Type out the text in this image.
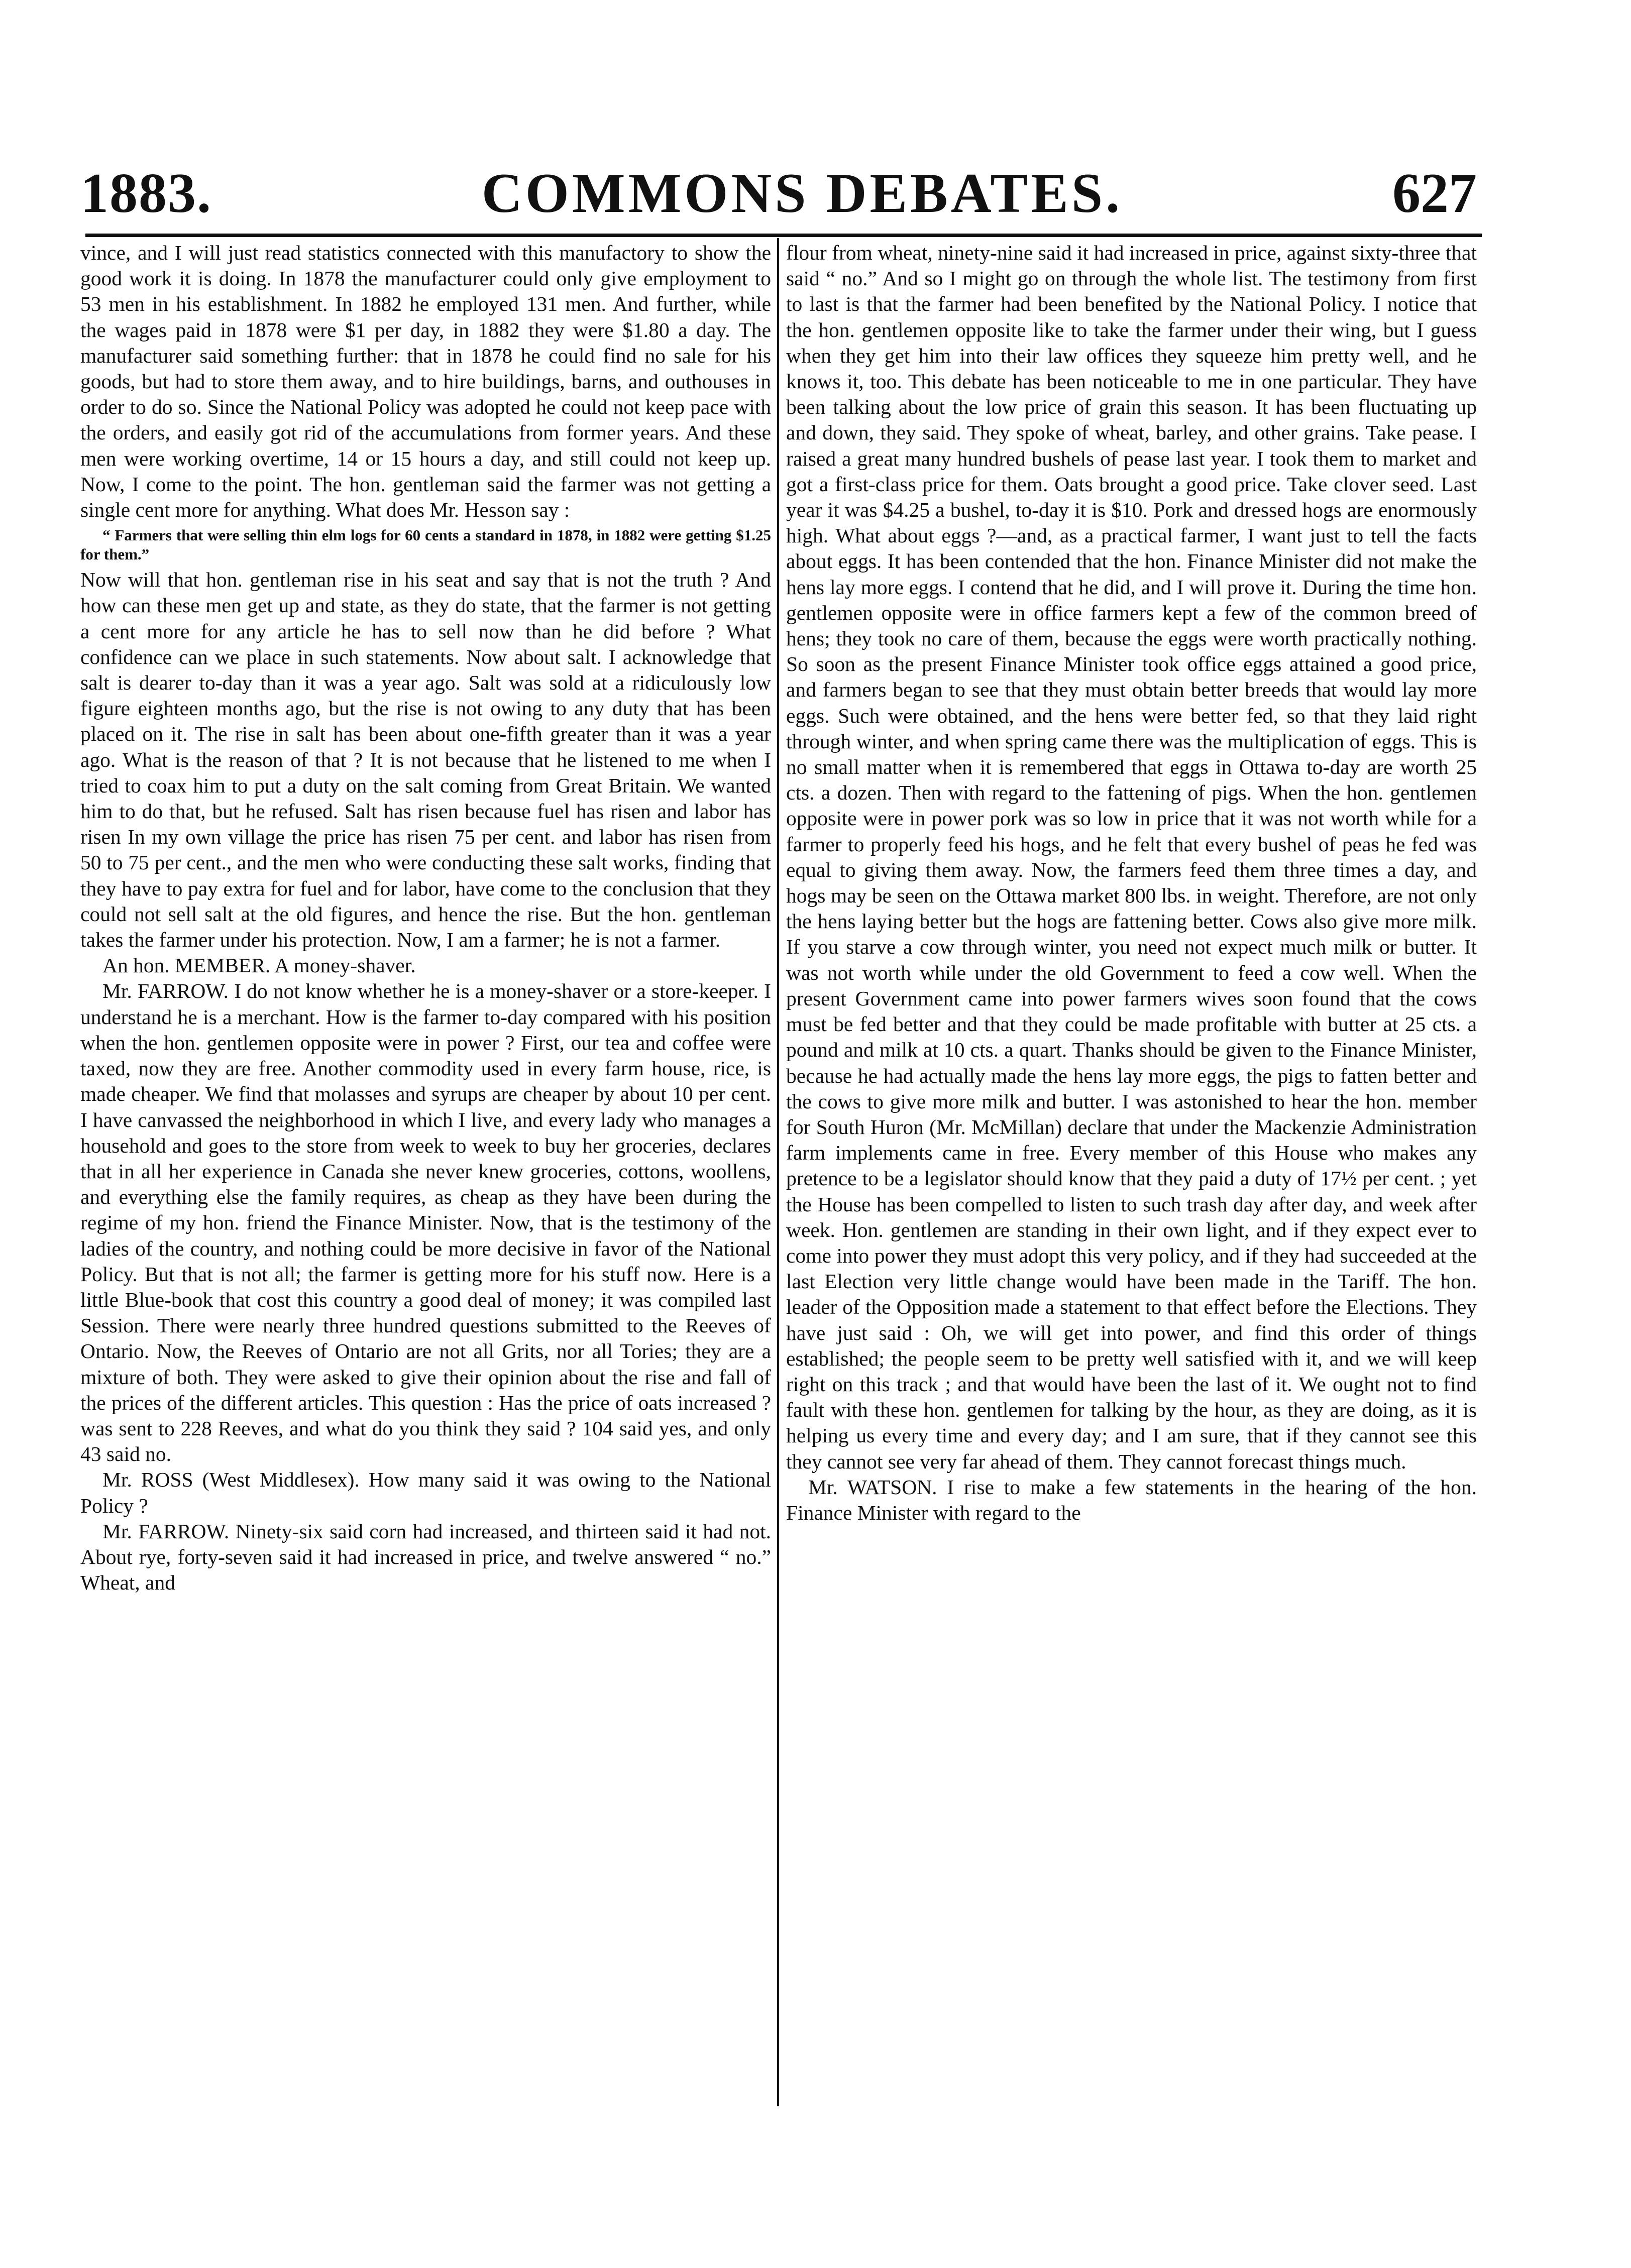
1883.	COMMONS DEBATES.	627

vince, and I will just read statistics connected with this manufactory to show the good work it is doing. In 1878 the manufacturer could only give employment to 53 men in his establishment. In 1882 he employed 131 men. And further, while the wages paid in 1878 were $1 per day, in 1882 they were $1.80 a day. The manufacturer said something further: that in 1878 he could find no sale for his goods, but had to store them away, and to hire buildings, barns, and outhouses in order to do so. Since the National Policy was adopted he could not keep pace with the orders, and easily got rid of the accumulations from former years. And these men were working overtime, 14 or 15 hours a day, and still could not keep up. Now, I come to the point. The hon. gentleman said the farmer was not getting a single cent more for anything. What does Mr. Hesson say :

“ Farmers that were selling thin elm logs for 60 cents a standard in 1878, in 1882 were getting $1.25 for them.”

Now will that hon. gentleman rise in his seat and say that is not the truth ? And how can these men get up and state, as they do state, that the farmer is not getting a cent more for any article he has to sell now than he did before ? What confidence can we place in such statements. Now about salt. I acknowledge that salt is dearer to-day than it was a year ago. Salt was sold at a ridiculously low figure eighteen months ago, but the rise is not owing to any duty that has been placed on it. The rise in salt has been about one-fifth greater than it was a year ago. What is the reason of that ? It is not because that he listened to me when I tried to coax him to put a duty on the salt coming from Great Britain. We wanted him to do that, but he refused. Salt has risen because fuel has risen and labor has risen In my own village the price has risen 75 per cent. and labor has risen from 50 to 75 per cent., and the men who were conducting these salt works, finding that they have to pay extra for fuel and for labor, have come to the conclusion that they could not sell salt at the old figures, and hence the rise. But the hon. gentleman takes the farmer under his protection. Now, I am a farmer; he is not a farmer.

An hon. MEMBER. A money-shaver.

Mr. FARROW. I do not know whether he is a money-shaver or a store-keeper. I understand he is a merchant. How is the farmer to-day compared with his position when the hon. gentlemen opposite were in power ? First, our tea and coffee were taxed, now they are free. Another commodity used in every farm house, rice, is made cheaper. We find that molasses and syrups are cheaper by about 10 per cent. I have canvassed the neighborhood in which I live, and every lady who manages a household and goes to the store from week to week to buy her groceries, declares that in all her experience in Canada she never knew groceries, cottons, woollens, and everything else the family requires, as cheap as they have been during the regime of my hon. friend the Finance Minister. Now, that is the testimony of the ladies of the country, and nothing could be more decisive in favor of the National Policy. But that is not all; the farmer is getting more for his stuff now. Here is a little Blue-book that cost this country a good deal of money; it was compiled last Session. There were nearly three hundred questions submitted to the Reeves of Ontario. Now, the Reeves of Ontario are not all Grits, nor all Tories; they are a mixture of both. They were asked to give their opinion about the rise and fall of the prices of the different articles. This question : Has the price of oats increased ? was sent to 228 Reeves, and what do you think they said ? 104 said yes, and only 43 said no.

Mr. ROSS (West Middlesex). How many said it was owing to the National Policy ?

Mr. FARROW. Ninety-six said corn had increased, and thirteen said it had not. About rye, forty-seven said it had increased in price, and twelve answered “ no.” Wheat, and

flour from wheat, ninety-nine said it had increased in price, against sixty-three that said “ no.” And so I might go on through the whole list. The testimony from first to last is that the farmer had been benefited by the National Policy. I notice that the hon. gentlemen opposite like to take the farmer under their wing, but I guess when they get him into their law offices they squeeze him pretty well, and he knows it, too. This debate has been noticeable to me in one particular. They have been talking about the low price of grain this season. It has been fluctuating up and down, they said. They spoke of wheat, barley, and other grains. Take pease. I raised a great many hundred bushels of pease last year. I took them to market and got a first-class price for them. Oats brought a good price. Take clover seed. Last year it was $4.25 a bushel, to-day it is $10. Pork and dressed hogs are enormously high. What about eggs ?—and, as a practical farmer, I want just to tell the facts about eggs. It has been contended that the hon. Finance Minister did not make the hens lay more eggs. I contend that he did, and I will prove it. During the time hon. gentlemen opposite were in office farmers kept a few of the common breed of hens; they took no care of them, because the eggs were worth practically nothing. So soon as the present Finance Minister took office eggs attained a good price, and farmers began to see that they must obtain better breeds that would lay more eggs. Such were obtained, and the hens were better fed, so that they laid right through winter, and when spring came there was the multiplication of eggs. This is no small matter when it is remembered that eggs in Ottawa to-day are worth 25 cts. a dozen. Then with regard to the fattening of pigs. When the hon. gentlemen opposite were in power pork was so low in price that it was not worth while for a farmer to properly feed his hogs, and he felt that every bushel of peas he fed was equal to giving them away. Now, the farmers feed them three times a day, and hogs may be seen on the Ottawa market 800 lbs. in weight. Therefore, are not only the hens laying better but the hogs are fattening better. Cows also give more milk. If you starve a cow through winter, you need not expect much milk or butter. It was not worth while under the old Government to feed a cow well. When the present Government came into power farmers wives soon found that the cows must be fed better and that they could be made profitable with butter at 25 cts. a pound and milk at 10 cts. a quart. Thanks should be given to the Finance Minister, because he had actually made the hens lay more eggs, the pigs to fatten better and the cows to give more milk and butter. I was astonished to hear the hon. member for South Huron (Mr. McMillan) declare that under the Mackenzie Administration farm implements came in free. Every member of this House who makes any pretence to be a legislator should know that they paid a duty of 17½ per cent. ; yet the House has been compelled to listen to such trash day after day, and week after week. Hon. gentlemen are standing in their own light, and if they expect ever to come into power they must adopt this very policy, and if they had succeeded at the last Election very little change would have been made in the Tariff. The hon. leader of the Opposition made a statement to that effect before the Elections. They have just said : Oh, we will get into power, and find this order of things established; the people seem to be pretty well satisfied with it, and we will keep right on this track ; and that would have been the last of it. We ought not to find fault with these hon. gentlemen for talking by the hour, as they are doing, as it is helping us every time and every day; and I am sure, that if they cannot see this they cannot see very far ahead of them. They cannot forecast things much.

Mr. WATSON. I rise to make a few statements in the hearing of the hon. Finance Minister with regard to the
